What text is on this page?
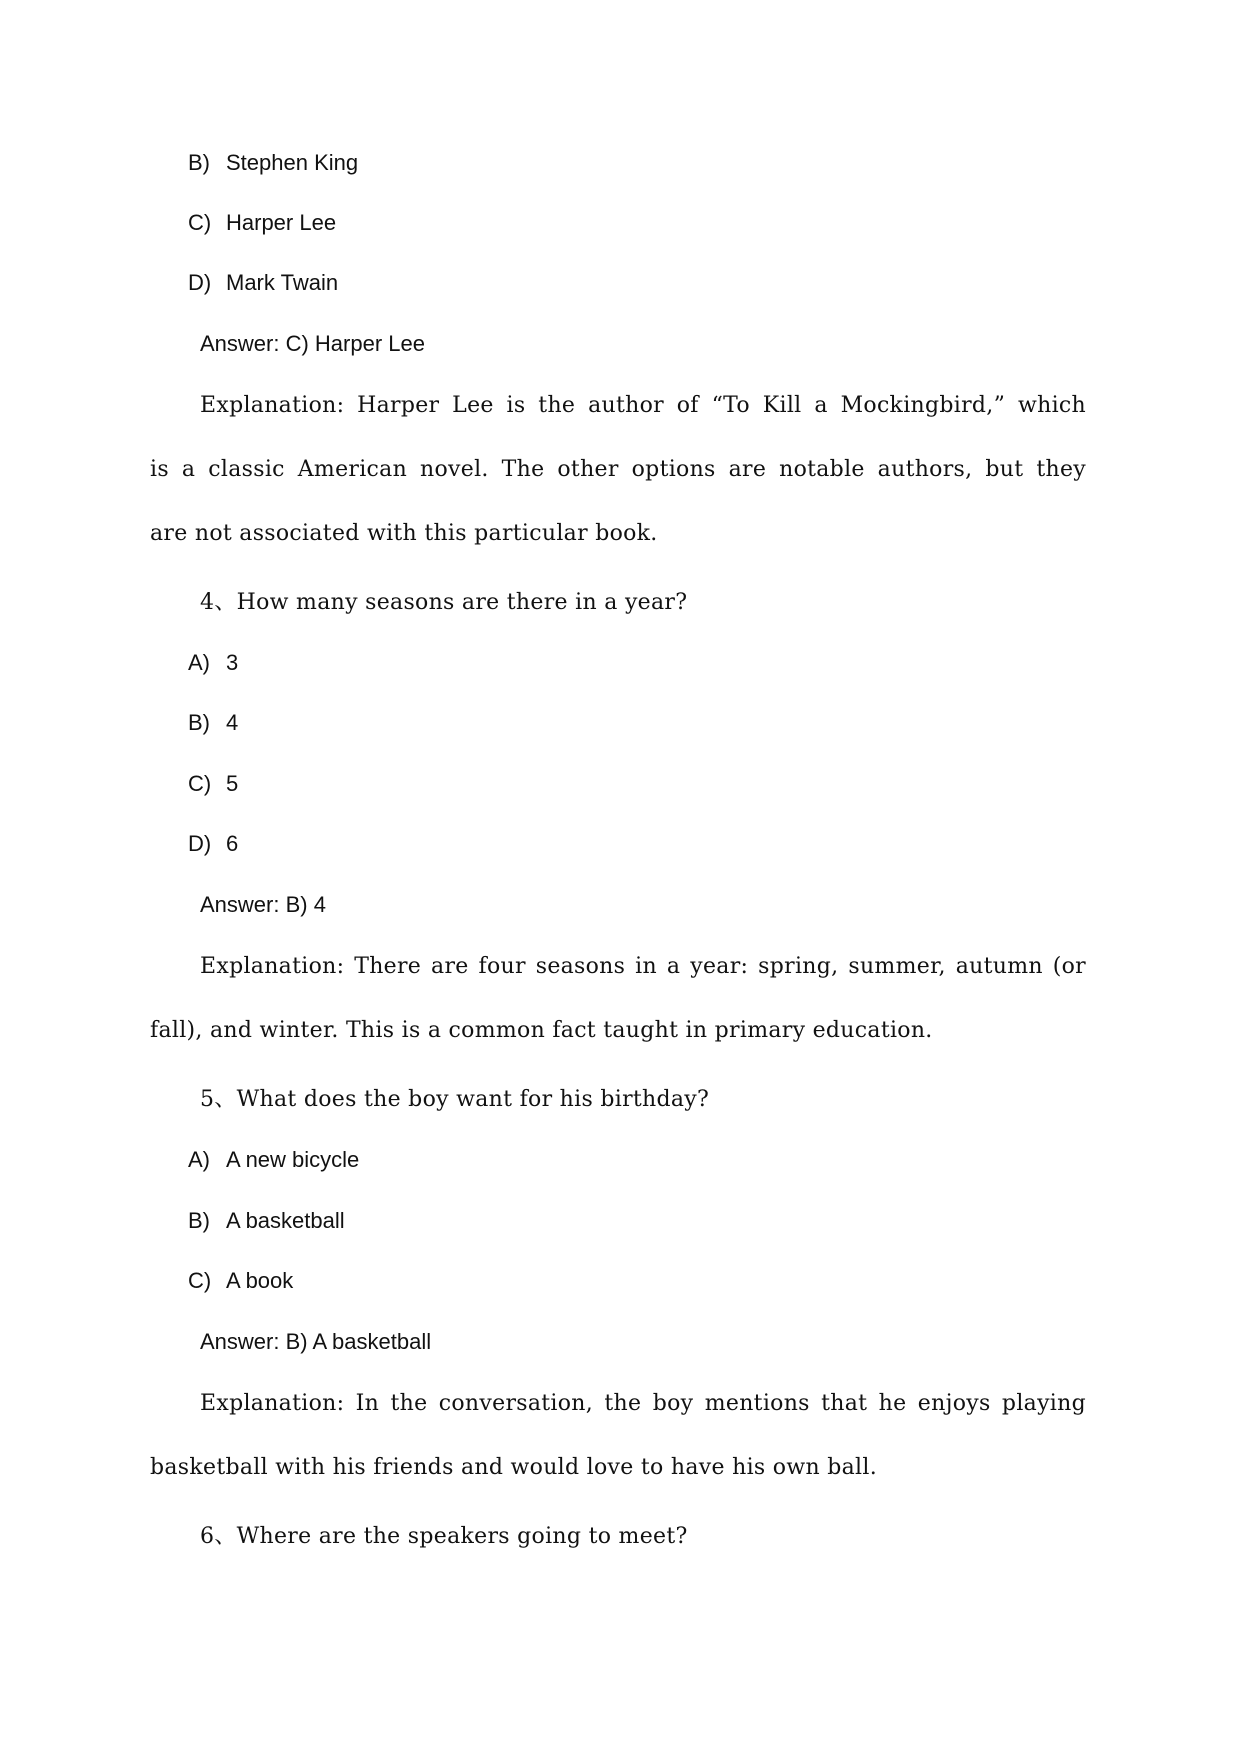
B) Stephen King
C) Harper Lee
D) Mark Twain
Answer: C) Harper Lee
Explanation: Harper Lee is the author of “To Kill a Mockingbird,” which
is a classic American novel. The other options are notable authors, but they
are not associated with this particular book.
4、How many seasons are there in a year?
A) 3
B) 4
C) 5
D) 6
Answer: B) 4
Explanation: There are four seasons in a year: spring, summer, autumn (or
fall), and winter. This is a common fact taught in primary education.
5、What does the boy want for his birthday?
A) A new bicycle
B) A basketball
C) A book
Answer: B) A basketball
Explanation: In the conversation, the boy mentions that he enjoys playing
basketball with his friends and would love to have his own ball.
6、Where are the speakers going to meet?
